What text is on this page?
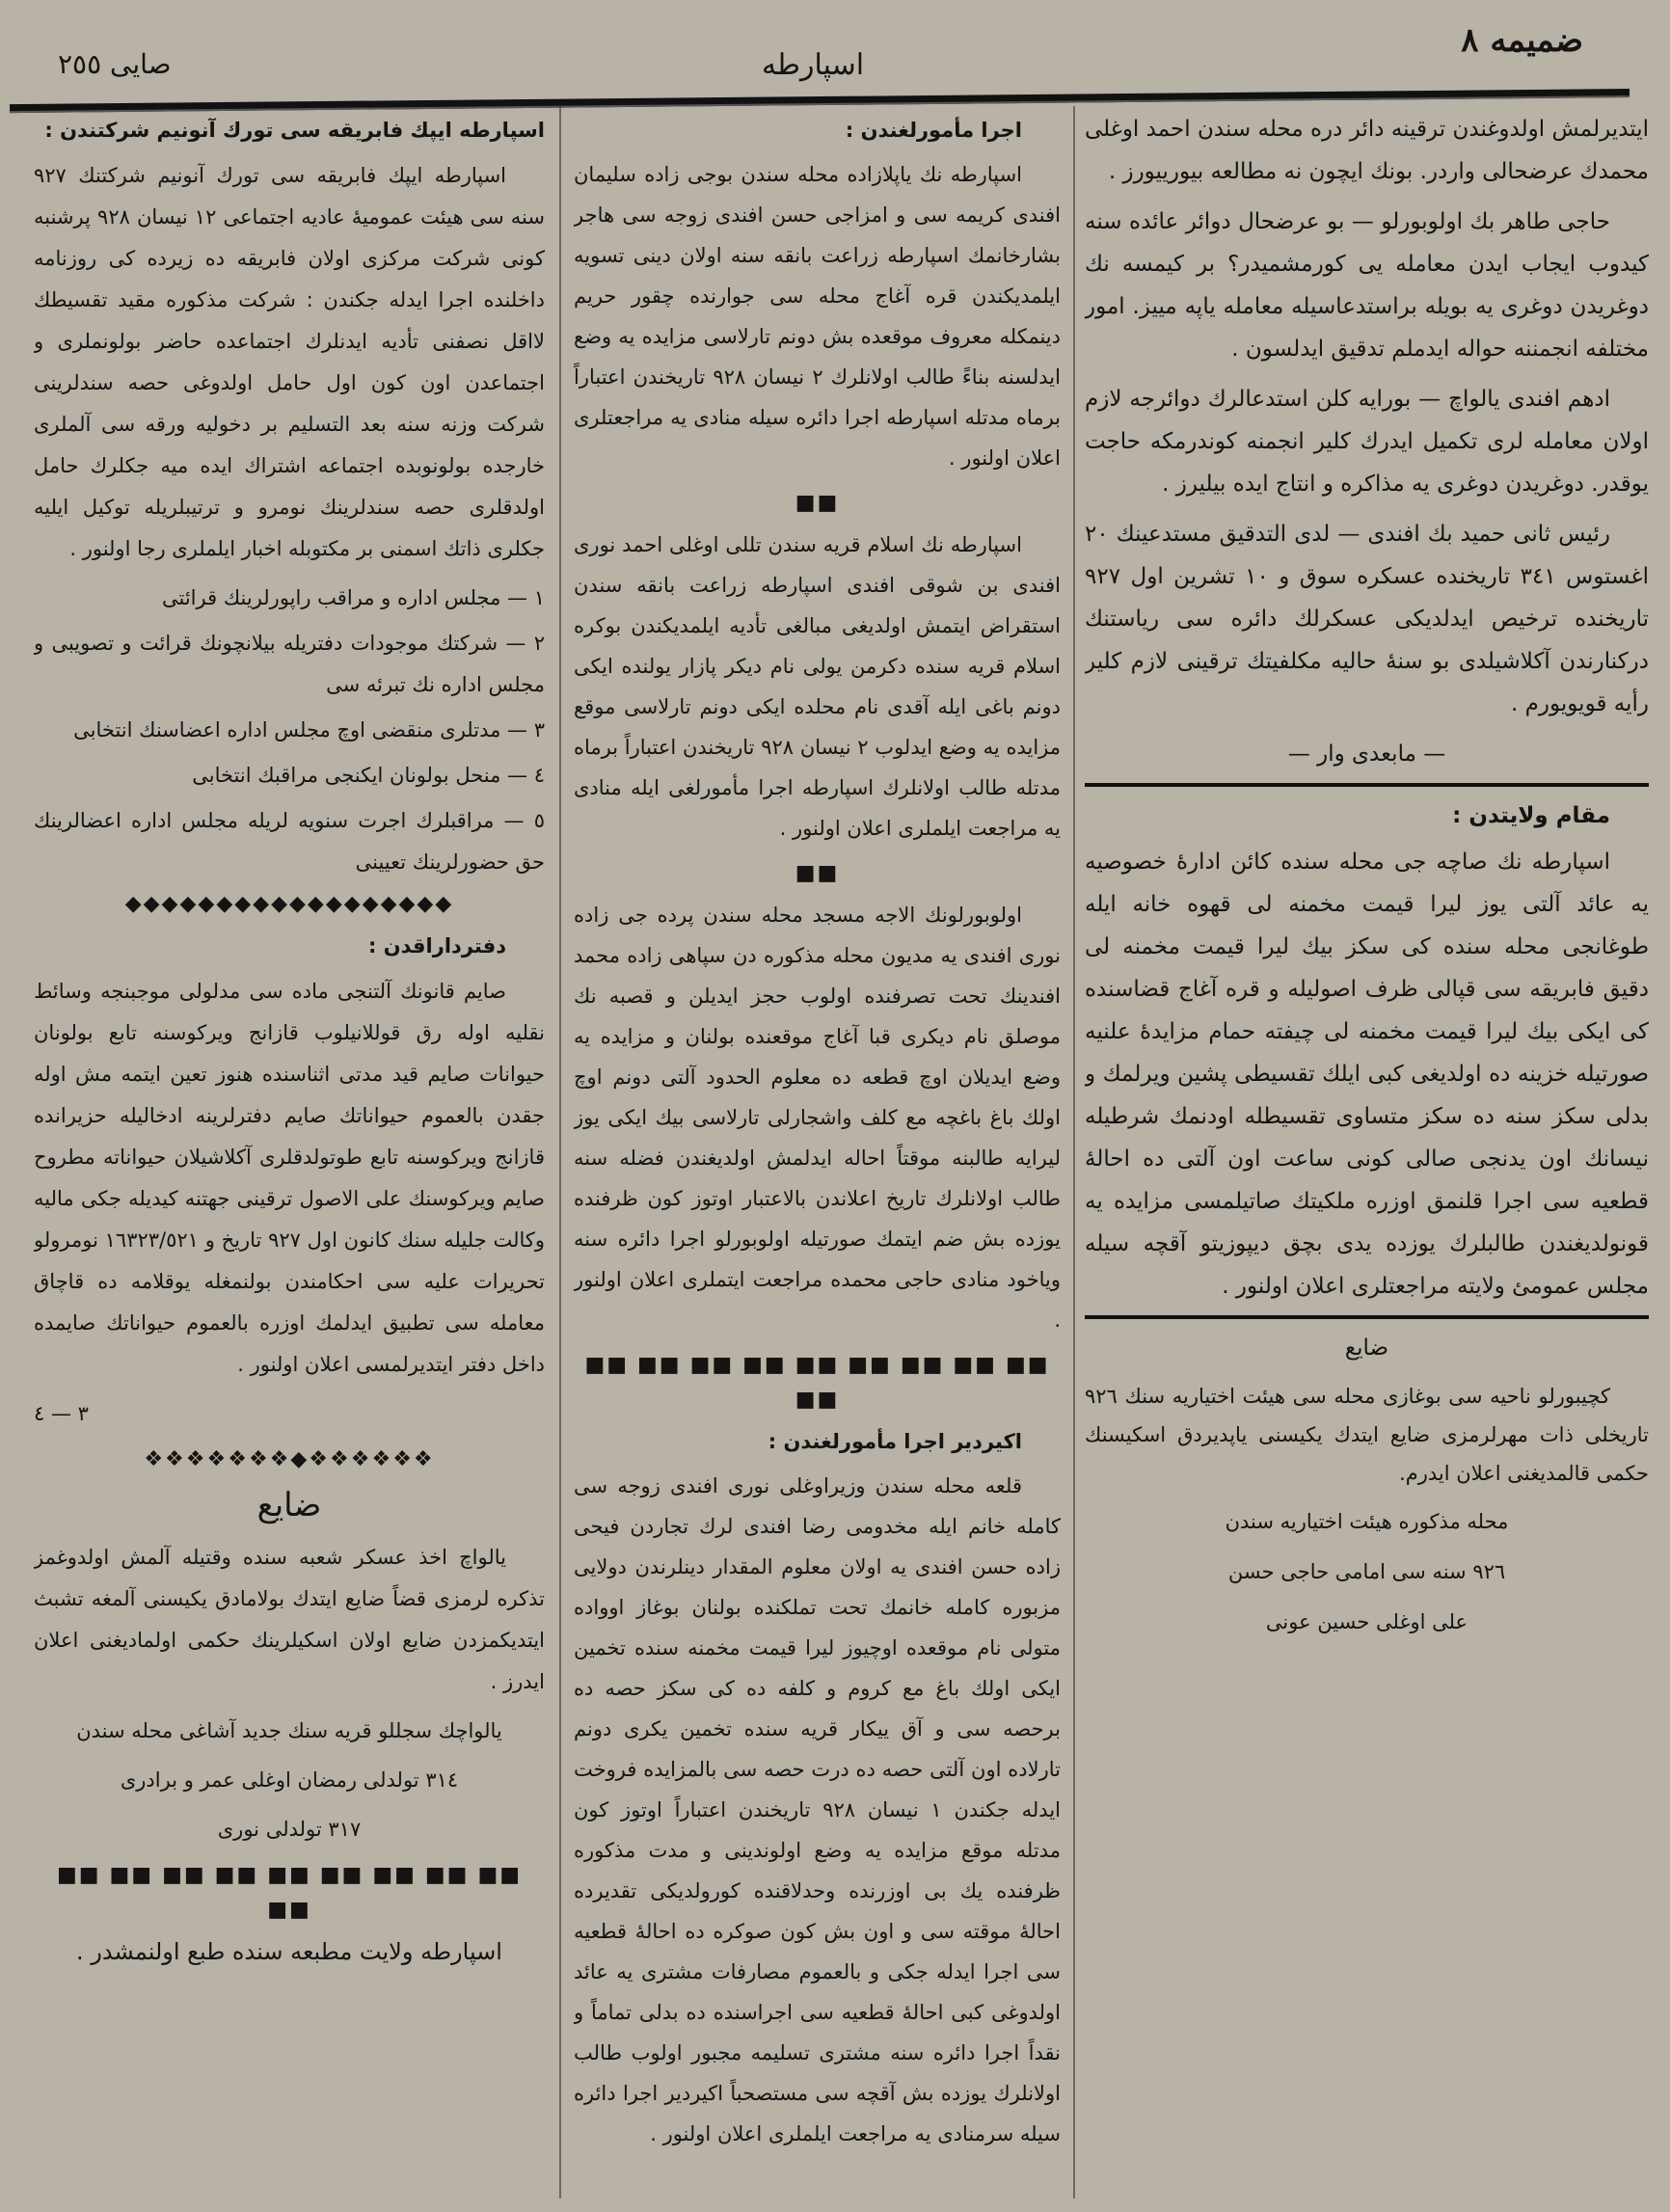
ضميمه ٨
اسپارطه
صايى ٢٥٥

ايتديرلمش اولدوغندن ترقينه دائر دره محله سندن احمد اوغلى محمدك عرضحالى واردر. بونك ايچون نه مطالعه بيورييورز .

حاجى طاهر بك اولوبورلو — بو عرضحال دوائر عائده سنه كيدوب ايجاب ايدن معامله يى كورمشميدر؟ بر كيمسه نك دوغريدن دوغرى يه بويله براستدعاسيله معامله ياپه مييز. امور مختلفه انجمننه حواله ايدملم تدقيق ايدلسون .

ادهم افندى يالواچ — بورايه كلن استدعالرك دوائرجه لازم اولان معامله لرى تكميل ايدرك كلير انجمنه كوندرمكه حاجت يوقدر. دوغريدن دوغرى يه مذاكره و انتاج ايده بيليرز .

رئيس ثانى حميد بك افندى — لدى التدقيق مستدعينك ٢٠ اغستوس ٣٤١ تاريخنده عسكره سوق و ١٠ تشرين اول ٩٢٧ تاريخنده ترخيص ايدلديكى عسكرلك دائره سى رياستنك دركنارندن آكلاشيلدى بو سنهٔ حاليه مكلفيتك ترقينى لازم كلير رأيه قويويورم .

— مابعدى وار —

مقام ولايتدن :

اسپارطه نك صاچه جى محله سنده كائن ادارهٔ خصوصيه يه عائد آلتى يوز ليرا قيمت مخمنه لى قهوه خانه ايله طوغانجى محله سنده كى سكز بيك ليرا قيمت مخمنه لى دقيق فابريقه سى قپالى ظرف اصوليله و قره آغاج قضاسنده كى ايكى بيك ليرا قيمت مخمنه لى چيفته حمام مزايدهٔ علنيه صورتيله خزينه ده اولديغى كبى ايلك تقسيطى پشين ويرلمك و بدلى سكز سنه ده سكز متساوى تقسيطله اودنمك شرطيله نيسانك اون يدنجى صالى كونى ساعت اون آلتى ده احالهٔ قطعيه سى اجرا قلنمق اوزره ملكيتك صاتيلمسى مزايده يه قونولديغندن طالبلرك يوزده يدى بچق ديپوزيتو آقچه سيله مجلس عمومئ ولايته مراجعتلرى اعلان اولنور .

ضايع

كچيبورلو ناحيه سى بوغازى محله سى هيئت اختياريه سنك ٩٢٦ تاريخلى ذات مهرلرمزى ضايع ايتدك يكيسنى ياپديردق اسكيسنك حكمى قالمديغنى اعلان ايدرم.

محله مذكوره هيئت اختياريه سندن

٩٢٦ سنه سى امامى حاجى حسن

على اوغلى حسين عونى

اجرا مأمورلغندن :

اسپارطه نك ياپلازاده محله سندن بوجى زاده سليمان افندى كريمه سى و امزاجى حسن افندى زوجه سى هاجر بشارخانمك اسپارطه زراعت بانقه سنه اولان دينى تسويه ايلمديكندن قره آغاج محله سى جوارنده چقور حريم دينمكله معروف موقعده بش دونم تارلاسى مزايده يه وضع ايدلسنه بناءً طالب اولانلرك ٢ نيسان ٩٢٨ تاريخندن اعتباراً برماه مدتله اسپارطه اجرا دائره سيله منادى يه مراجعتلرى اعلان اولنور .

■■

اسپارطه نك اسلام قريه سندن تللى اوغلى احمد نورى افندى بن شوقى افندى اسپارطه زراعت بانقه سندن استقراض ايتمش اولديغى مبالغى تأديه ايلمديكندن بوكره اسلام قريه سنده دكرمن يولى نام ديكر پازار يولنده ايكى دونم باغى ايله آقدى نام محلده ايكى دونم تارلاسى موقع مزايده يه وضع ايدلوب ٢ نيسان ٩٢٨ تاريخندن اعتباراً برماه مدتله طالب اولانلرك اسپارطه اجرا مأمورلغى ايله منادى يه مراجعت ايلملرى اعلان اولنور .

■■

اولوبورلونك الاجه مسجد محله سندن پرده جى زاده نورى افندى يه مديون محله مذكوره دن سپاهى زاده محمد افندينك تحت تصرفنده اولوب حجز ايديلن و قصبه نك موصلق نام ديكرى قبا آغاج موقعنده بولنان و مزايده يه وضع ايديلان اوچ قطعه ده معلوم الحدود آلتى دونم اوچ اولك باغ باغچه مع كلف واشجارلى تارلاسى بيك ايكى يوز ليرايه طالبنه موقتاً احاله ايدلمش اولديغندن فضله سنه طالب اولانلرك تاريخ اعلاندن بالاعتبار اوتوز كون ظرفنده يوزده بش ضم ايتمك صورتيله اولوبورلو اجرا دائره سنه وياخود منادى حاجى محمده مراجعت ايتملرى اعلان اولنور .

■■ ■■ ■■ ■■ ■■ ■■ ■■ ■■ ■■ ■■

اكيردير اجرا مأمورلغندن :

قلعه محله سندن وزيراوغلى نورى افندى زوجه سى كامله خانم ايله مخدومى رضا افندى لرك تجاردن فيحى زاده حسن افندى يه اولان معلوم المقدار دينلرندن دولايى مزبوره كامله خانمك تحت تملكنده بولنان بوغاز اوواده متولى نام موقعده اوچيوز ليرا قيمت مخمنه سنده تخمين ايكى اولك باغ مع كروم و كلفه ده كى سكز حصه ده برحصه سى و آق ييكار قريه سنده تخمين يكرى دونم تارلاده اون آلتى حصه ده درت حصه سى بالمزايده فروخت ايدله جكندن ١ نيسان ٩٢٨ تاريخندن اعتباراً اوتوز كون مدتله موقع مزايده يه وضع اولوندينى و مدت مذكوره ظرفنده يك بى اوزرنده وحدلاقنده كورولديكى تقديرده احالهٔ موقته سى و اون بش كون صوكره ده احالهٔ قطعيه سى اجرا ايدله جكى و بالعموم مصارفات مشترى يه عائد اولدوغى كبى احالهٔ قطعيه سى اجراسنده ده بدلى تماماً و نقداً اجرا دائره سنه مشترى تسليمه مجبور اولوب طالب اولانلرك يوزده بش آقچه سى مستصحباً اكيردير اجرا دائره سيله سرمنادى يه مراجعت ايلملرى اعلان اولنور .

اسپارطه ايپك فابريقه سى تورك آنونيم شركتندن :

اسپارطه ايپك فابريقه سى تورك آنونيم شركتنك ٩٢٧ سنه سى هيئت عموميهٔ عاديه اجتماعى ١٢ نيسان ٩٢٨ پرشنبه كونى شركت مركزى اولان فابريقه ده زيرده كى روزنامه داخلنده اجرا ايدله جكندن : شركت مذكوره مقيد تقسيطك لااقل نصفنى تأديه ايدنلرك اجتماعده حاضر بولونملرى و اجتماعدن اون كون اول حامل اولدوغى حصه سندلرينى شركت وزنه سنه بعد التسليم بر دخوليه ورقه سى آلملرى خارجده بولونوبده اجتماعه اشتراك ايده ميه جكلرك حامل اولدقلرى حصه سندلرينك نومرو و ترتيبلريله توكيل ايليه جكلرى ذاتك اسمنى بر مكتوبله اخبار ايلملرى رجا اولنور .

١ — مجلس اداره و مراقب راپورلرينك قرائتى

٢ — شركتك موجودات دفتريله بيلانچونك قرائت و تصويبى و مجلس اداره نك تبرئه سى

٣ — مدتلرى منقضى اوچ مجلس اداره اعضاسنك انتخابى

٤ — منحل بولونان ايكنجى مراقبك انتخابى

٥ — مراقبلرك اجرت سنويه لريله مجلس اداره اعضالرينك حق حضورلرينك تعيينى

◆◆◆◆◆◆◆◆◆◆◆◆◆◆◆◆◆◆

دفترداراقدن :

صايم قانونك آلتنجى ماده سى مدلولى موجبنجه وسائط نقليه اوله رق قوللانيلوب قازانج ويركوسنه تابع بولونان حيوانات صايم قيد مدتى اثناسنده هنوز تعين ايتمه مش اوله جقدن بالعموم حيواناتك صايم دفترلرينه ادخاليله حزيرانده قازانج ويركوسنه تابع طوتولدقلرى آكلاشيلان حيواناته مطروح صايم ويركوسنك على الاصول ترقينى جهتنه كيديله جكى ماليه وكالت جليله سنك كانون اول ٩٢٧ تاريخ و ١٦٣٢٣/٥٢١ نومرولو تحريرات عليه سى احكامندن بولنمغله يوقلامه ده قاچاق معامله سى تطبيق ايدلمك اوزره بالعموم حيواناتك صايمده داخل دفتر ايتديرلمسى اعلان اولنور .

٣ — ٤

❖❖❖❖❖❖❖◆❖❖❖❖❖❖

ضايع

يالواچ اخذ عسكر شعبه سنده وقتيله آلمش اولدوغمز تذكره لرمزى قضاً ضايع ايتدك بولامادق يكيسنى آلمغه تشبث ايتديكمزدن ضايع اولان اسكيلرينك حكمى اولماديغنى اعلان ايدرز .

يالواچك سجللو قريه سنك جديد آشاغى محله سندن

٣١٤ تولدلى رمضان اوغلى عمر و برادرى

٣١٧ تولدلى نورى

■■ ■■ ■■ ■■ ■■ ■■ ■■ ■■ ■■ ■■

اسپارطه ولايت مطبعه سنده طبع اولنمشدر .
